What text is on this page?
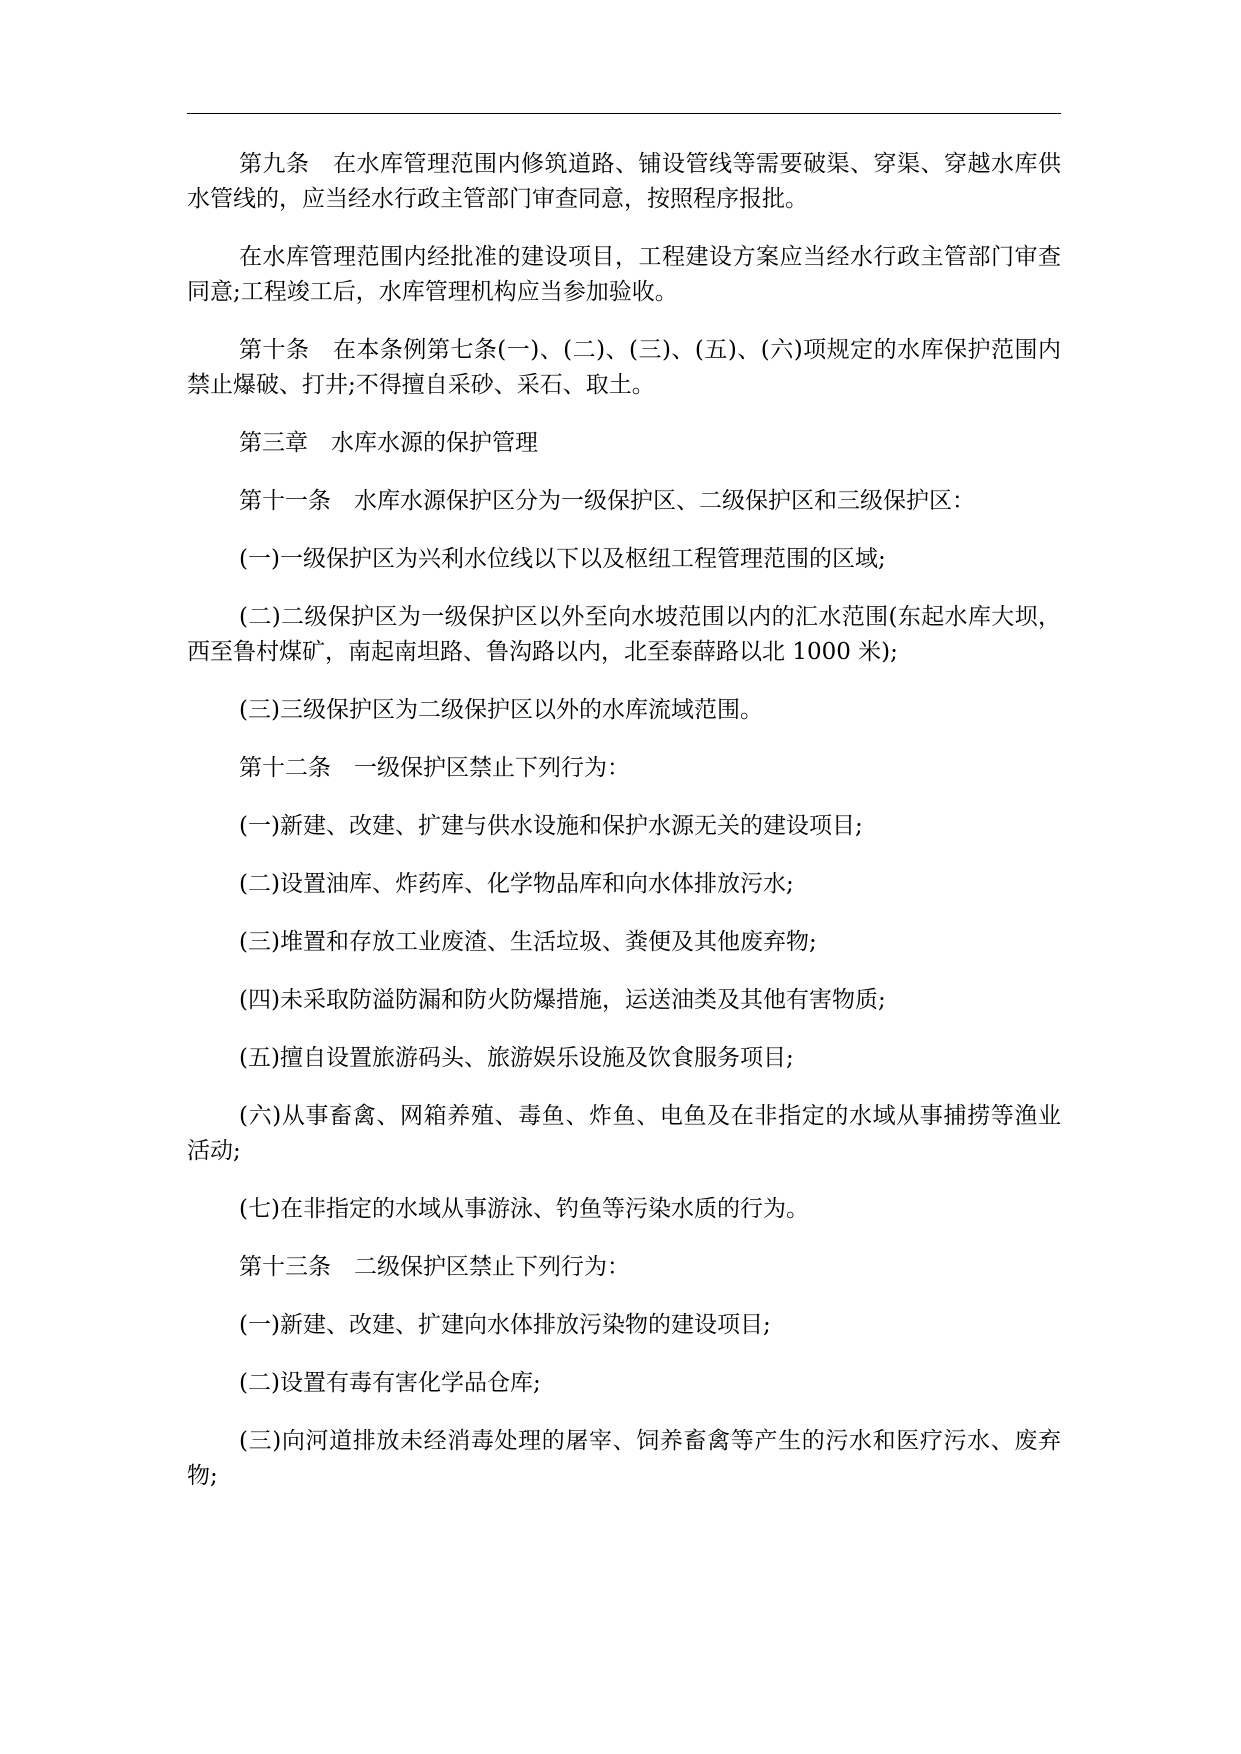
第九条　在水库管理范围内修筑道路、铺设管线等需要破渠、穿渠、穿越水库供水管线的，应当经水行政主管部门审查同意，按照程序报批。

在水库管理范围内经批准的建设项目，工程建设方案应当经水行政主管部门审查同意;工程竣工后，水库管理机构应当参加验收。

第十条　在本条例第七条(一)、(二)、(三)、(五)、(六)项规定的水库保护范围内禁止爆破、打井;不得擅自采砂、采石、取土。

第三章　水库水源的保护管理

第十一条　水库水源保护区分为一级保护区、二级保护区和三级保护区：

(一)一级保护区为兴利水位线以下以及枢纽工程管理范围的区域;

(二)二级保护区为一级保护区以外至向水坡范围以内的汇水范围(东起水库大坝，西至鲁村煤矿，南起南坦路、鲁沟路以内，北至泰薛路以北 1000 米);

(三)三级保护区为二级保护区以外的水库流域范围。

第十二条　一级保护区禁止下列行为：

(一)新建、改建、扩建与供水设施和保护水源无关的建设项目;

(二)设置油库、炸药库、化学物品库和向水体排放污水;

(三)堆置和存放工业废渣、生活垃圾、粪便及其他废弃物;

(四)未采取防溢防漏和防火防爆措施，运送油类及其他有害物质;

(五)擅自设置旅游码头、旅游娱乐设施及饮食服务项目;

(六)从事畜禽、网箱养殖、毒鱼、炸鱼、电鱼及在非指定的水域从事捕捞等渔业活动;

(七)在非指定的水域从事游泳、钓鱼等污染水质的行为。

第十三条　二级保护区禁止下列行为：

(一)新建、改建、扩建向水体排放污染物的建设项目;

(二)设置有毒有害化学品仓库;

(三)向河道排放未经消毒处理的屠宰、饲养畜禽等产生的污水和医疗污水、废弃物;
